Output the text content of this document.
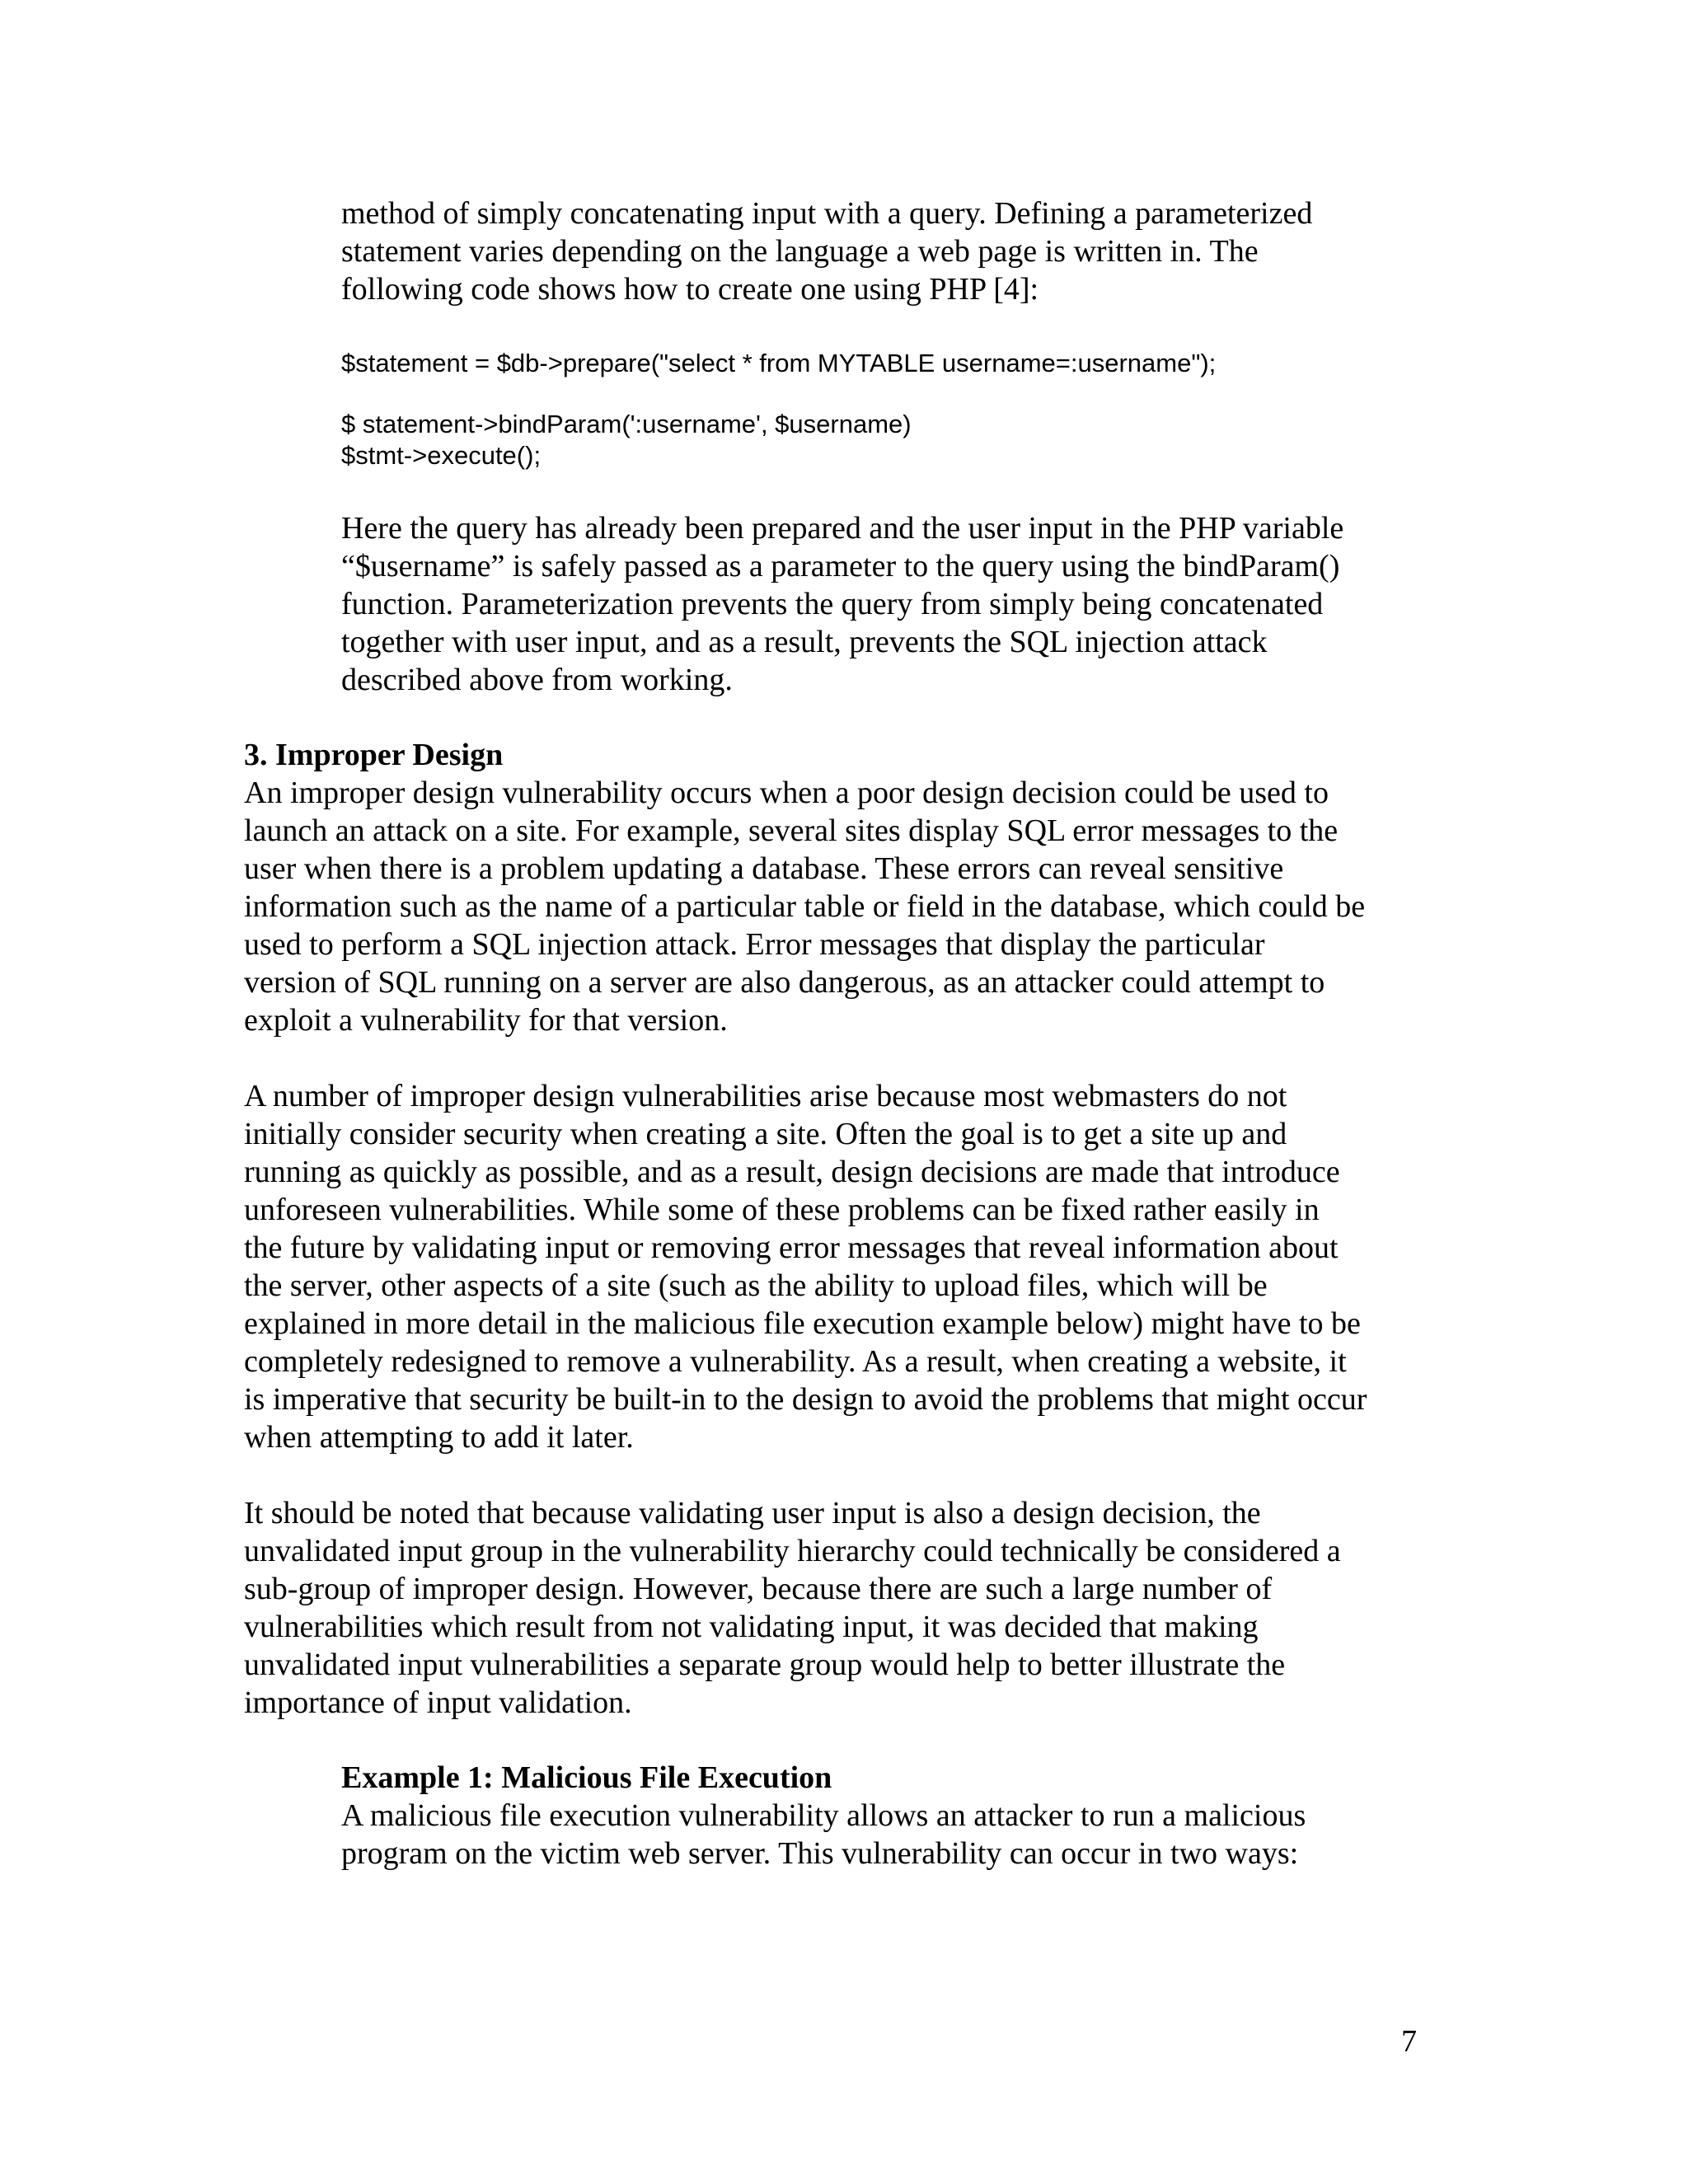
method of simply concatenating input with a query. Defining a parameterized
statement varies depending on the language a web page is written in. The
following code shows how to create one using PHP [4]:
$statement = $db->prepare("select * from MYTABLE username=:username");
$ statement->bindParam(':username', $username)
$stmt->execute();
Here the query has already been prepared and the user input in the PHP variable
“$username” is safely passed as a parameter to the query using the bindParam()
function. Parameterization prevents the query from simply being concatenated
together with user input, and as a result, prevents the SQL injection attack
described above from working.
3. Improper Design
An improper design vulnerability occurs when a poor design decision could be used to
launch an attack on a site. For example, several sites display SQL error messages to the
user when there is a problem updating a database. These errors can reveal sensitive
information such as the name of a particular table or field in the database, which could be
used to perform a SQL injection attack. Error messages that display the particular
version of SQL running on a server are also dangerous, as an attacker could attempt to
exploit a vulnerability for that version.
A number of improper design vulnerabilities arise because most webmasters do not
initially consider security when creating a site. Often the goal is to get a site up and
running as quickly as possible, and as a result, design decisions are made that introduce
unforeseen vulnerabilities. While some of these problems can be fixed rather easily in
the future by validating input or removing error messages that reveal information about
the server, other aspects of a site (such as the ability to upload files, which will be
explained in more detail in the malicious file execution example below) might have to be
completely redesigned to remove a vulnerability. As a result, when creating a website, it
is imperative that security be built-in to the design to avoid the problems that might occur
when attempting to add it later.
It should be noted that because validating user input is also a design decision, the
unvalidated input group in the vulnerability hierarchy could technically be considered a
sub-group of improper design. However, because there are such a large number of
vulnerabilities which result from not validating input, it was decided that making
unvalidated input vulnerabilities a separate group would help to better illustrate the
importance of input validation.
Example 1: Malicious File Execution
A malicious file execution vulnerability allows an attacker to run a malicious
program on the victim web server. This vulnerability can occur in two ways:
7
